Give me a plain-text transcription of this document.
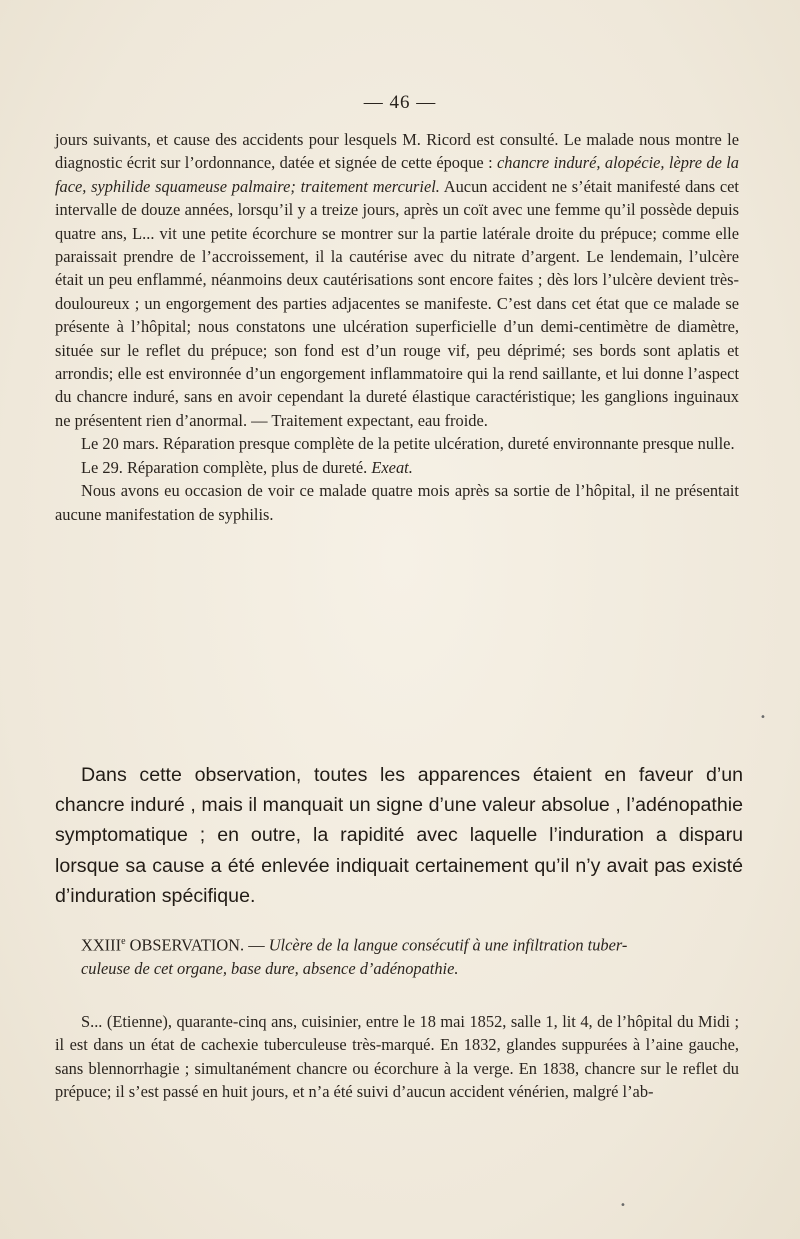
— 46 —

jours suivants, et cause des accidents pour lesquels M. Ricord est consulté. Le malade nous montre le diagnostic écrit sur l’ordonnance, datée et signée de cette époque : chancre induré, alopécie, lèpre de la face, syphilide squameuse palmaire; traitement mercuriel. Aucun accident ne s’était manifesté dans cet intervalle de douze années, lorsqu’il y a treize jours, après un coït avec une femme qu’il possède depuis quatre ans, L... vit une petite écorchure se montrer sur la partie latérale droite du prépuce; comme elle paraissait prendre de l’accroissement, il la cautérise avec du nitrate d’argent. Le lendemain, l’ulcère était un peu enflammé, néanmoins deux cautérisations sont encore faites ; dès lors l’ulcère devient très-douloureux ; un engorgement des parties adjacentes se manifeste. C’est dans cet état que ce malade se présente à l’hôpital; nous constatons une ulcération superficielle d’un demi-centimètre de diamètre, située sur le reflet du prépuce; son fond est d’un rouge vif, peu déprimé; ses bords sont aplatis et arrondis; elle est environnée d’un engorgement inflammatoire qui la rend saillante, et lui donne l’aspect du chancre induré, sans en avoir cependant la dureté élastique caractéristique; les ganglions inguinaux ne présentent rien d’anormal. — Traitement expectant, eau froide.

Le 20 mars. Réparation presque complète de la petite ulcération, dureté environnante presque nulle.

Le 29. Réparation complète, plus de dureté. Exeat.

Nous avons eu occasion de voir ce malade quatre mois après sa sortie de l’hôpital, il ne présentait aucune manifestation de syphilis.

Dans cette observation, toutes les apparences étaient en faveur d’un chancre induré , mais il manquait un signe d’une valeur absolue , l’adénopathie symptomatique ; en outre, la rapidité avec laquelle l’induration a disparu lorsque sa cause a été enlevée indiquait certainement qu’il n’y avait pas existé d’induration spécifique.

XXIIIe OBSERVATION. — Ulcère de la langue consécutif à une infiltration tuber-
culeuse de cet organe, base dure, absence d’adénopathie.

S... (Etienne), quarante-cinq ans, cuisinier, entre le 18 mai 1852, salle 1, lit 4, de l’hôpital du Midi ; il est dans un état de cachexie tuberculeuse très-marqué. En 1832, glandes suppurées à l’aine gauche, sans blennorrhagie ; simultanément chancre ou écorchure à la verge. En 1838, chancre sur le reflet du prépuce; il s’est passé en huit jours, et n’a été suivi d’aucun accident vénérien, malgré l’ab-

•
•
